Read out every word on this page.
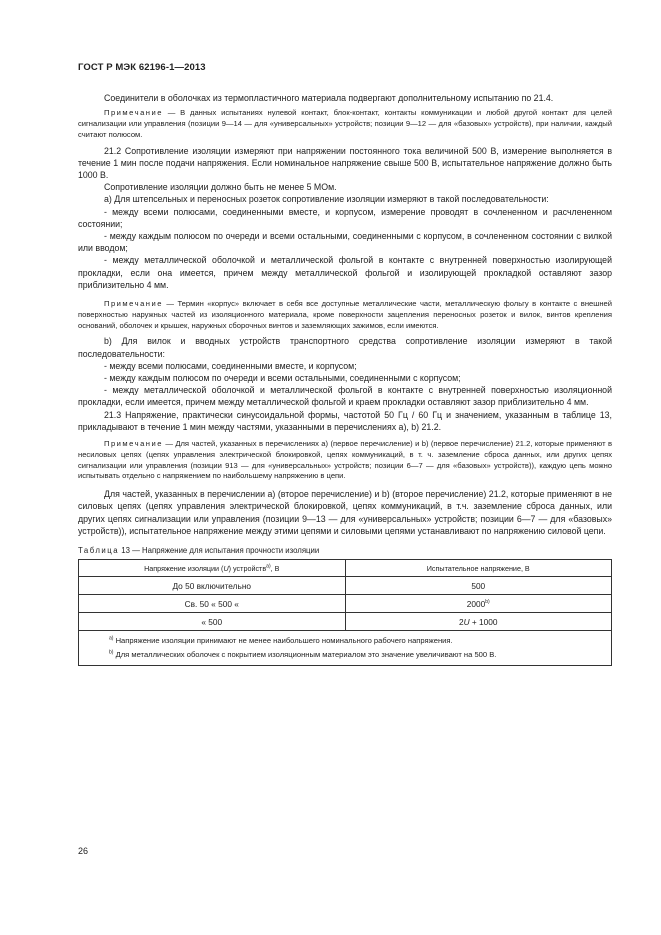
ГОСТ Р МЭК 62196-1—2013

Соединители в оболочках из термопластичного материала подвергают дополнительному испытанию по 21.4.

Примечание — В данных испытаниях нулевой контакт, блок-контакт, контакты коммуникации и любой другой контакт для целей сигнализации или управления (позиции 9—14 — для «универсальных» устройств; позиции 9—12 — для «базовых» устройств), при наличии, каждый считают полюсом.

21.2 Сопротивление изоляции измеряют при напряжении постоянного тока величиной 500 В, измерение выполняется в течение 1 мин после подачи напряжения. Если номинальное напряжение свыше 500 В, испытательное напряжение должно быть 1000 В.

Сопротивление изоляции должно быть не менее 5 МОм.

а) Для штепсельных и переносных розеток сопротивление изоляции измеряют в такой последовательности:

- между всеми полюсами, соединенными вместе, и корпусом, измерение проводят в сочлененном и расчлененном состоянии;

- между каждым полюсом по очереди и всеми остальными, соединенными с корпусом, в сочлененном состоянии с вилкой или вводом;

- между металлической оболочкой и металлической фольгой в контакте с внутренней поверхностью изолирующей прокладки, если она имеется, причем между металлической фольгой и изолирующей прокладкой оставляют зазор приблизительно 4 мм.

Примечание — Термин «корпус» включает в себя все доступные металлические части, металлическую фольгу в контакте с внешней поверхностью наружных частей из изоляционного материала, кроме поверхности зацепления переносных розеток и вилок, винтов крепления оснований, оболочек и крышек, наружных сборочных винтов и заземляющих зажимов, если имеются.

b) Для вилок и вводных устройств транспортного средства сопротивление изоляции измеряют в такой последовательности:

- между всеми полюсами, соединенными вместе, и корпусом;

- между каждым полюсом по очереди и всеми остальными, соединенными с корпусом;

- между металлической оболочкой и металлической фольгой в контакте с внутренней поверхностью изоляционной прокладки, если имеется, причем между металлической фольгой и краем прокладки оставляют зазор приблизительно 4 мм.

21.3 Напряжение, практически синусоидальной формы, частотой 50 Гц / 60 Гц и значением, указанным в таблице 13, прикладывают в течение 1 мин между частями, указанными в перечислениях а), b) 21.2.

Примечание — Для частей, указанных в перечислениях а) (первое перечисление) и b) (первое перечисление) 21.2, которые применяют в несиловых цепях (цепях управления электрической блокировкой, цепях коммуникаций, в т. ч. заземление сброса данных, или других цепях сигнализации или управления (позиции 913 — для «универсальных» устройств; позиции 6—7 — для «базовых» устройств)), каждую цепь можно испытывать отдельно с напряжением по наибольшему напряжению в цепи.

Для частей, указанных в перечислении а) (второе перечисление) и b) (второе перечисление) 21.2, которые применяют в не силовых цепях (цепях управления электрической блокировкой, цепях коммуникаций, в т.ч. заземление сброса данных, или других цепях сигнализации или управления (позиции 9—13 — для «универсальных» устройств; позиции 6—7 — для «базовых» устройств)), испытательное напряжение между этими цепями и силовыми цепями устанавливают по напряжению силовой цепи.

Таблица 13 — Напряжение для испытания прочности изоляции
Напряжение изоляции (U) устройств$^{а)}$, В	Испытательное напряжение, В
До 50 включительно	500
Св. 50 « 500 «	2000$^{b)}$
« 500	2U + 1000

$^{а)}$ Напряжение изоляции принимают не менее наибольшего номинального рабочего напряжения.

$^{b)}$ Для металлических оболочек с покрытием изоляционным материалом это значение увеличивают на 500 В.	

26
